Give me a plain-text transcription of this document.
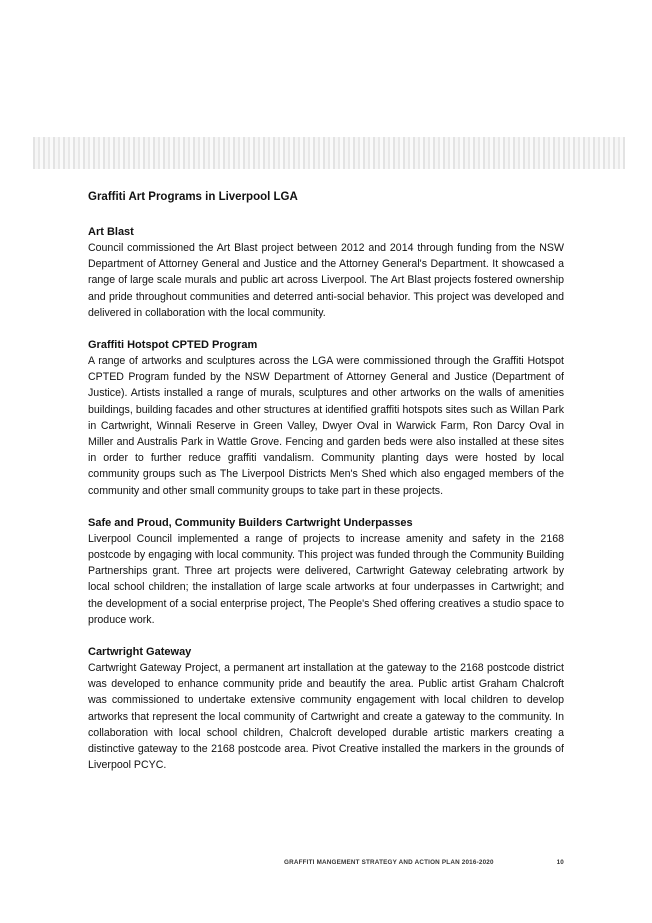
Graffiti Art Programs in Liverpool LGA

Art Blast

Council commissioned the Art Blast project between 2012 and 2014 through funding from the NSW Department of Attorney General and Justice and the Attorney General's Department. It showcased a range of large scale murals and public art across Liverpool. The Art Blast projects fostered ownership and pride throughout communities and deterred anti-social behavior. This project was developed and delivered in collaboration with the local community.

Graffiti Hotspot CPTED Program

A range of artworks and sculptures across the LGA were commissioned through the Graffiti Hotspot CPTED Program funded by the NSW Department of Attorney General and Justice (Department of Justice). Artists installed a range of murals, sculptures and other artworks on the walls of amenities buildings, building facades and other structures at identified graffiti hotspots sites such as Willan Park in Cartwright, Winnali Reserve in Green Valley, Dwyer Oval in Warwick Farm, Ron Darcy Oval in Miller and Australis Park in Wattle Grove. Fencing and garden beds were also installed at these sites in order to further reduce graffiti vandalism. Community planting days were hosted by local community groups such as The Liverpool Districts Men's Shed which also engaged members of the community and other small community groups to take part in these projects.

Safe and Proud, Community Builders Cartwright Underpasses

Liverpool Council implemented a range of projects to increase amenity and safety in the 2168 postcode by engaging with local community. This project was funded through the Community Building Partnerships grant. Three art projects were delivered, Cartwright Gateway celebrating artwork by local school children; the installation of large scale artworks at four underpasses in Cartwright; and the development of a social enterprise project, The People's Shed offering creatives a studio space to produce work.

Cartwright Gateway

Cartwright Gateway Project, a permanent art installation at the gateway to the 2168 postcode district was developed to enhance community pride and beautify the area. Public artist Graham Chalcroft was commissioned to undertake extensive community engagement with local children to develop artworks that represent the local community of Cartwright and create a gateway to the community. In collaboration with local school children, Chalcroft developed durable artistic markers creating a distinctive gateway to the 2168 postcode area. Pivot Creative installed the markers in the grounds of Liverpool PCYC.

GRAFFITI MANGEMENT STRATEGY AND ACTION PLAN 2016-2020	10
